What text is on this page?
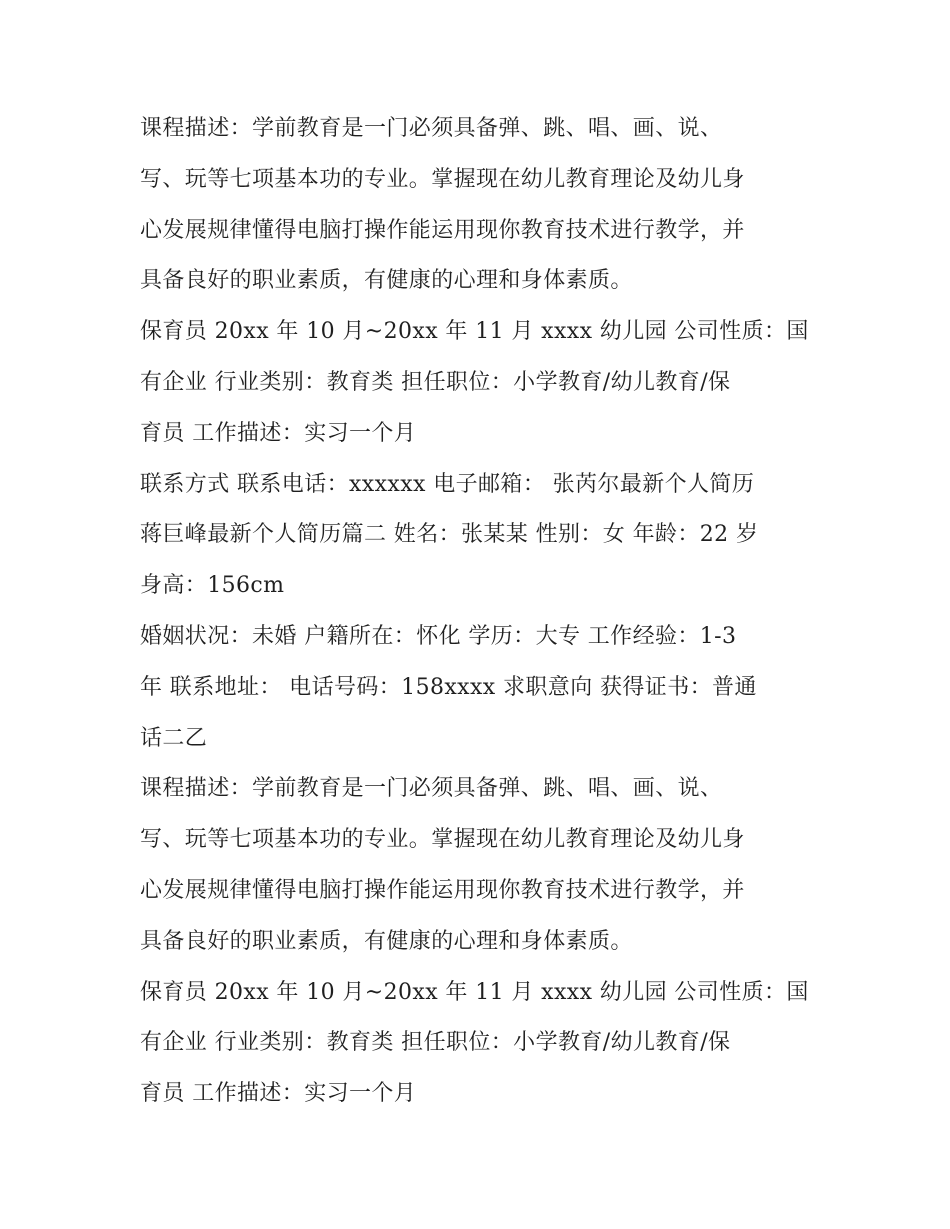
课程描述：学前教育是一门必须具备弹、跳、唱、画、说、
写、玩等七项基本功的专业。掌握现在幼儿教育理论及幼儿身
心发展规律懂得电脑打操作能运用现你教育技术进行教学，并
具备良好的职业素质，有健康的心理和身体素质。
保育员 20xx 年 10 月~20xx 年 11 月 xxxx 幼儿园 公司性质：国
有企业 行业类别：教育类 担任职位：小学教育/幼儿教育/保
育员 工作描述：实习一个月
联系方式 联系电话：xxxxxx 电子邮箱： 张芮尔最新个人简历
蒋巨峰最新个人简历篇二 姓名：张某某 性别：女 年龄：22 岁
身高：156cm
婚姻状况：未婚 户籍所在：怀化 学历：大专 工作经验：1-3
年 联系地址： 电话号码：158xxxx 求职意向 获得证书：普通
话二乙
课程描述：学前教育是一门必须具备弹、跳、唱、画、说、
写、玩等七项基本功的专业。掌握现在幼儿教育理论及幼儿身
心发展规律懂得电脑打操作能运用现你教育技术进行教学，并
具备良好的职业素质，有健康的心理和身体素质。
保育员 20xx 年 10 月~20xx 年 11 月 xxxx 幼儿园 公司性质：国
有企业 行业类别：教育类 担任职位：小学教育/幼儿教育/保
育员 工作描述：实习一个月
